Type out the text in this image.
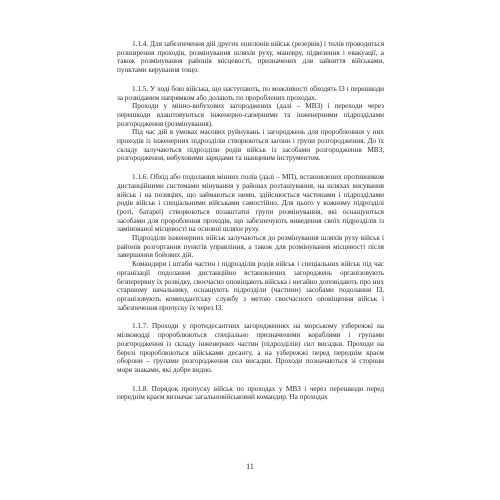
1.1.4. Для забезпечення дій других ешелонів військ (резервів) і тилів проводиться розширення проходів, розмінування шляхів руху, маневру, підвезення і евакуації, а також розмінування районів місцевості, призначених для зайняття військами, пунктами керування тощо.

1.1.5. У ході бою війська, що наступають, по можливості обходять ІЗ і перешкоди за розвіданим напрямком або долають по пророблених проходах.

Проходи у мінно-вибухових загороджених (далі – МВЗ) і переходи через перешкоди влаштовуються інженерно-саперними та інженерними підрозділами розгородження (розмінування).

Під час дій в умовах масових руйнувань і загороджень для проробленння у них проходів із інженерних підрозділів створюються загони і групи розгородження. До їх складу залучаються підрозділи родів військ із засобами розгородження МВЗ, розгородження, вибуховими зарядами та шанцевим інструментом.

1.1.6. Обхід або подолання мінних полів (далі – МП), встановлених противником дистанційними системами мінування у районах розташування, на шляхах висування військ і на позиціях, що займаються ними, здійснюється частинами і підрозділами родів військ і спеціальними військами самостійно. Для цього у кожному підрозділі (роті, батареї) створюються позаштатні групи розмінування, які оснащуються засобами для пророблення проходів, що забезпечують виведення своїх підрозділів із замінованої місцевості на основні шляхи руху.

Підрозділи інженерних військ залучаються до розмінування шляхів руху військ і районів розгортання пунктів управління, а також для розмінування місцевості після завершення бойових дій.

Командири і штаби частин і підрозділів родів військ і спеціальних військ під час організації подолання дистанційно встановлених загороджень організовують безперервну їх розвідку, своєчасно оповіщають війська і негайно доповідають про них старшому начальнику, оснащують підрозділи (частини) засобами подолання ІЗ, організовують комендантську службу з метою своєчасного оповіщення військ і забезпечення пропуску їх через ІЗ.

1.1.7. Проходи у протидесантних загородженнях на морському узбережжі на мілководді пророблюються спеціально призначеними кораблями і групами розгородження із складу інженерних частин (підрозділів) сил висадки. Проходи на березі пророблюються військами десанту, а на узбережжі перед переднім краєм оборони – групами розгородження сил висадки. Проходи позначаються зі сторони моря знаками, які добре видно.

1.1.8. Порядок пропуску військ по проходах у МВЗ і через перешкоди перед переднім краєм визначає загальновійськовий командир. На проходах

11
